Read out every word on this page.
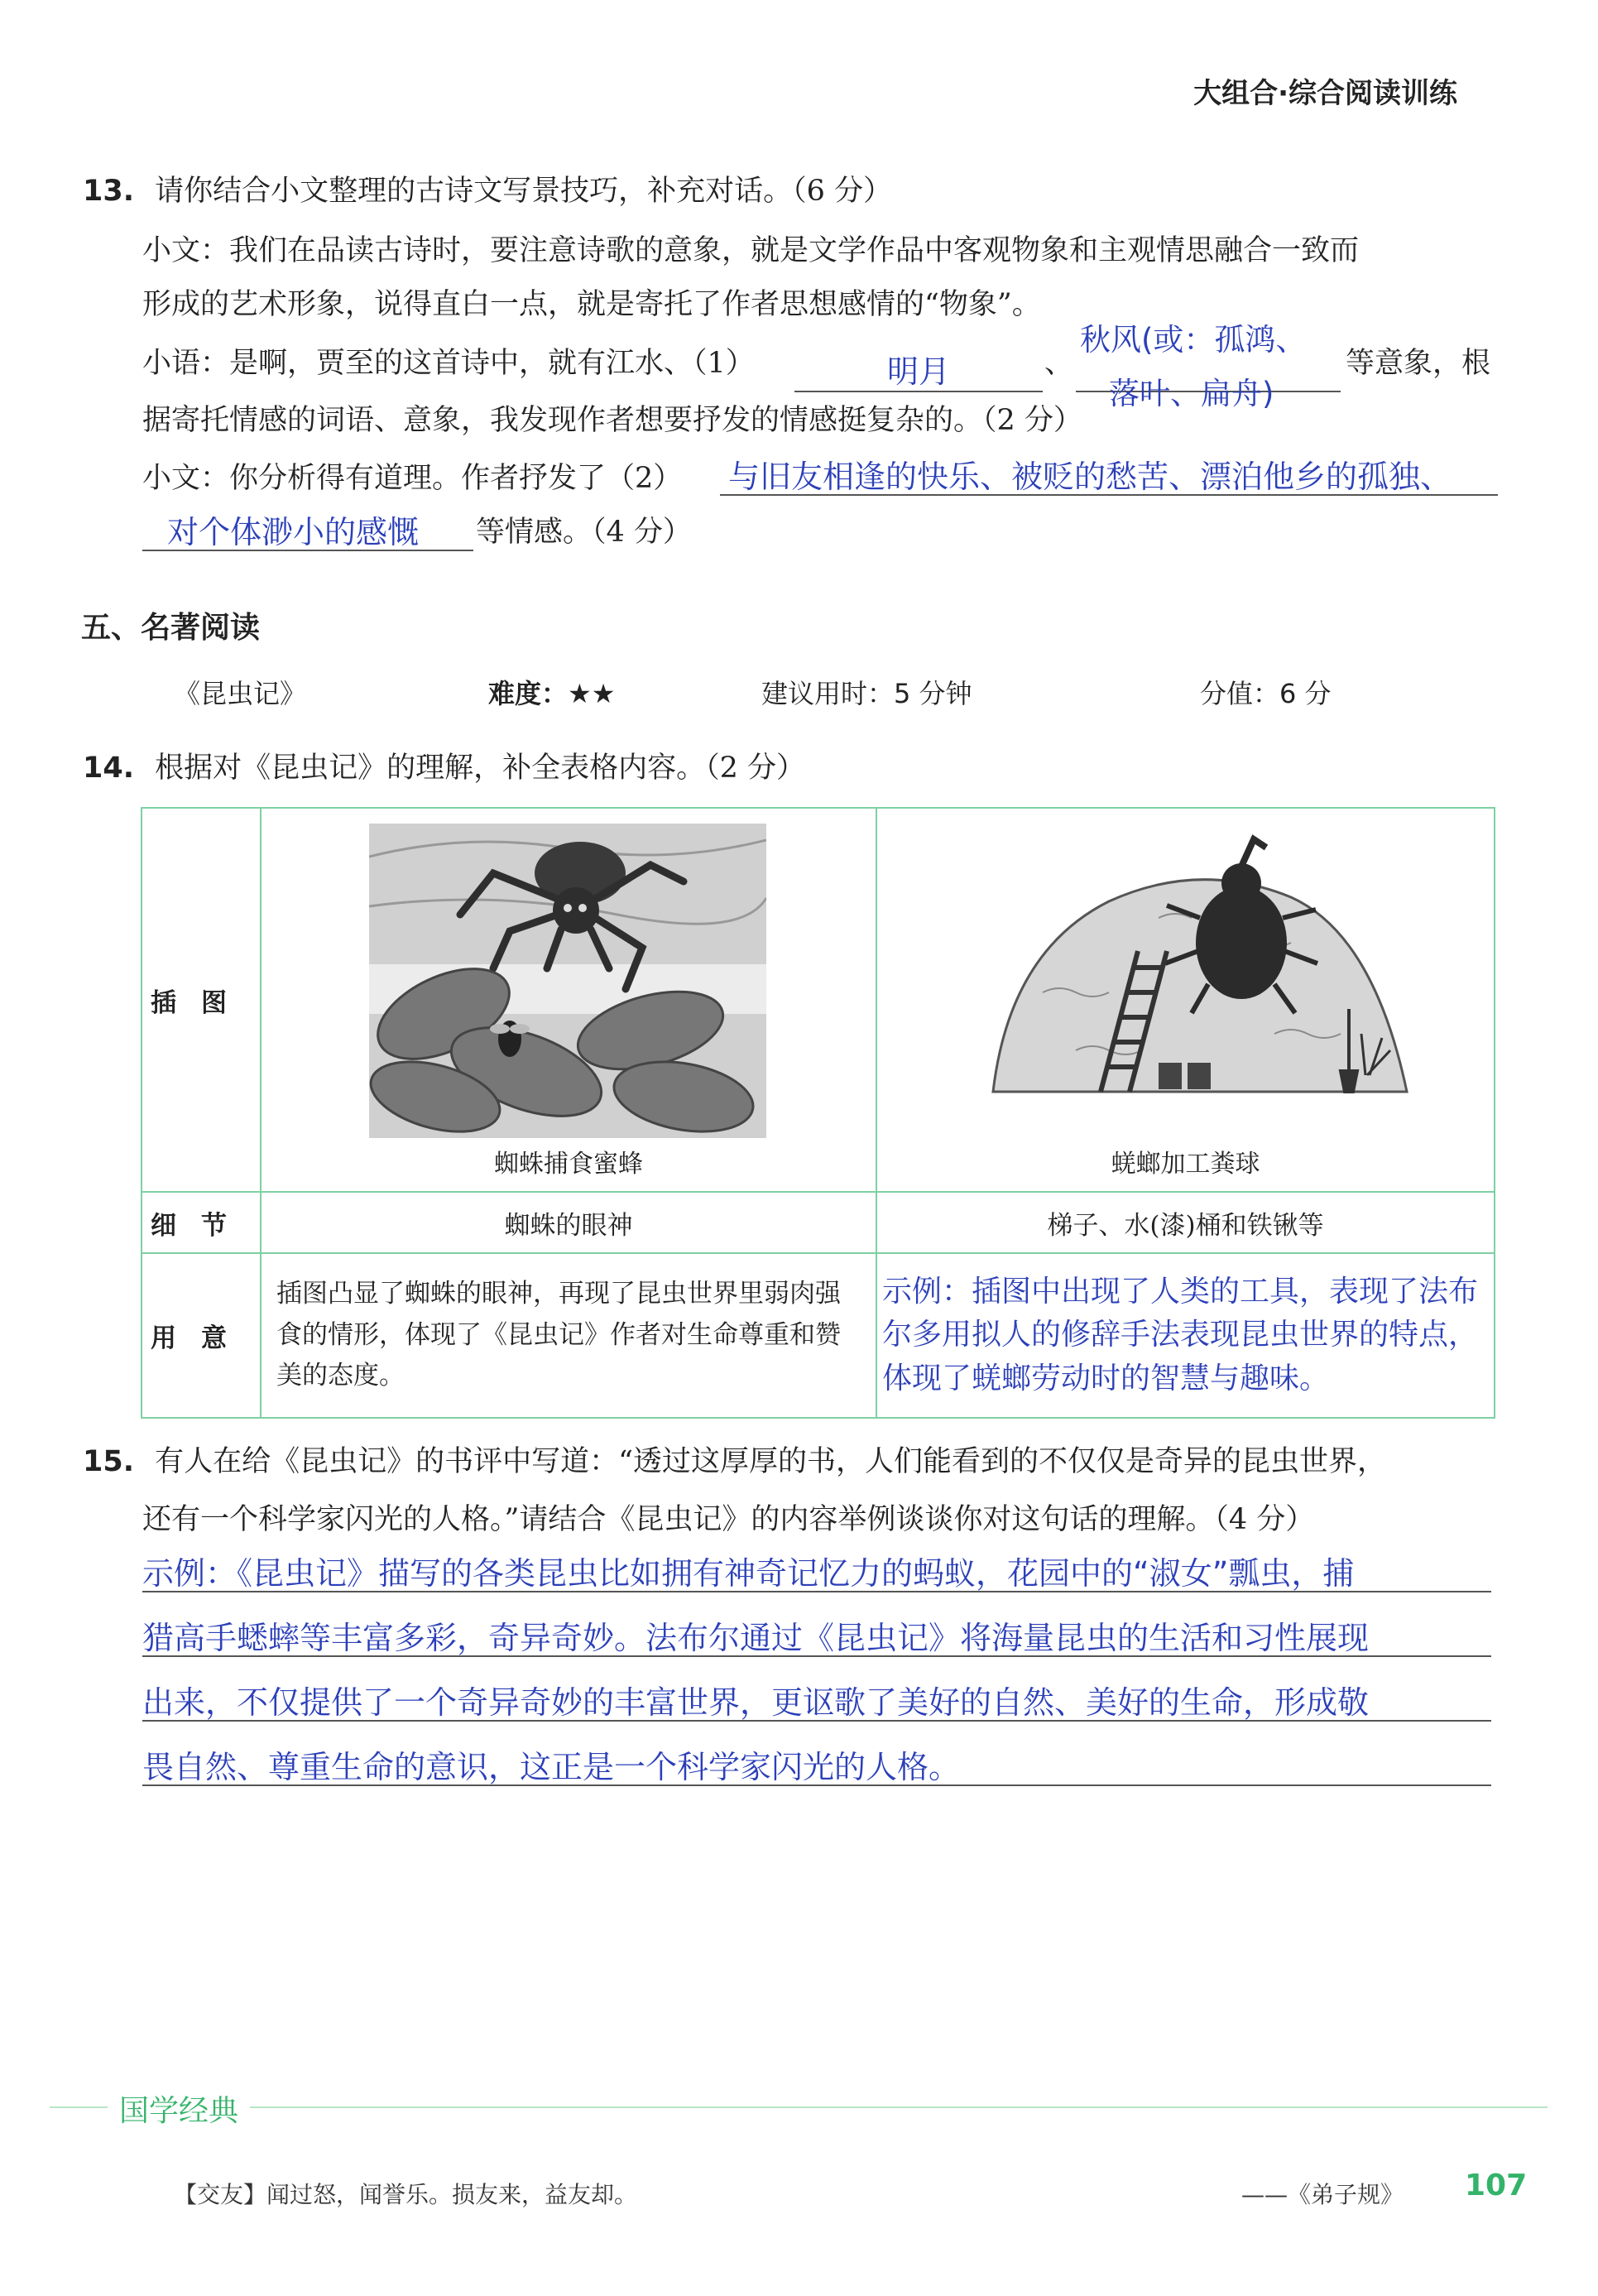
大组合·综合阅读训练
13. 请你结合小文整理的古诗文写景技巧，补充对话。（6 分）
小文：我们在品读古诗时，要注意诗歌的意象，就是文学作品中客观物象和主观情思融合一致而
形成的艺术形象，说得直白一点，就是寄托了作者思想感情的“物象”。
小语：是啊，贾至的这首诗中，就有江水、（1）	明月	、
秋风(或：孤鸿、
落叶、扁舟)
等意象，根
据寄托情感的词语、意象，我发现作者想要抒发的情感挺复杂的。（2 分）
小文：你分析得有道理。作者抒发了（2） 与旧友相逢的快乐、被贬的愁苦、漂泊他乡的孤独、
对个体渺小的感慨	等情感。（4 分）
五、名著阅读
《昆虫记》	难度：★★	建议用时：5 分钟	分值：6 分
14. 根据对《昆虫记》的理解，补全表格内容。（2 分）
插图	蜘蛛捕食蜜蜂	蜣螂加工粪球

细节	蜘蛛的眼神	梯子、水(漆)桶和铁锹等
用意	插图凸显了蜘蛛的眼神，再现了昆虫世界里弱肉强食的情形，体现了《昆虫记》作者对生命尊重和赞美的态度。	示例：插图中出现了人类的工具，表现了法布尔多用拟人的修辞手法表现昆虫世界的特点，体现了蜣螂劳动时的智慧与趣味。
15. 有人在给《昆虫记》的书评中写道：“透过这厚厚的书，人们能看到的不仅仅是奇异的昆虫世界，
还有一个科学家闪光的人格。”请结合《昆虫记》的内容举例谈谈你对这句话的理解。（4 分）
示例：《昆虫记》描写的各类昆虫比如拥有神奇记忆力的蚂蚁，花园中的“淑女”瓢虫，捕
猎高手蟋蟀等丰富多彩，奇异奇妙。法布尔通过《昆虫记》将海量昆虫的生活和习性展现
出来，不仅提供了一个奇异奇妙的丰富世界，更讴歌了美好的自然、美好的生命，形成敬
畏自然、尊重生命的意识，这正是一个科学家闪光的人格。
国学经典
【交友】闻过怒，闻誉乐。损友来，益友却。	——《弟子规》 107
